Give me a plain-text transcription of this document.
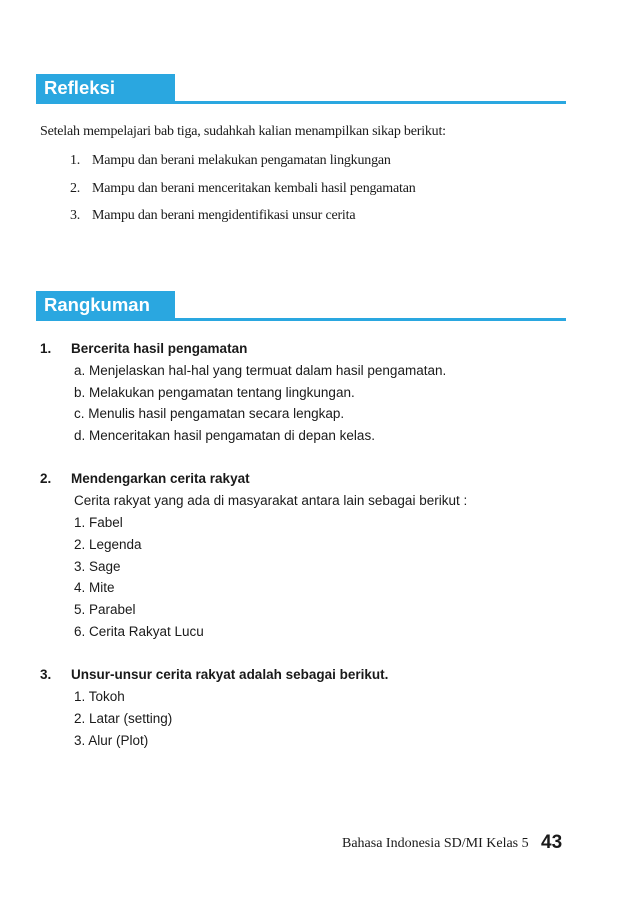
Refleksi
Setelah mempelajari bab tiga, sudahkah kalian menampilkan sikap berikut:
1. Mampu dan berani melakukan pengamatan lingkungan
2. Mampu dan berani menceritakan kembali hasil pengamatan
3. Mampu dan berani mengidentifikasi unsur cerita
Rangkuman
1. Bercerita hasil pengamatan
a. Menjelaskan hal-hal yang termuat dalam hasil pengamatan.
b. Melakukan pengamatan tentang lingkungan.
c. Menulis hasil pengamatan secara lengkap.
d. Menceritakan hasil pengamatan di depan kelas.
2. Mendengarkan cerita rakyat
Cerita rakyat yang ada di masyarakat antara lain sebagai berikut :
1. Fabel
2. Legenda
3. Sage
4. Mite
5. Parabel
6. Cerita Rakyat Lucu
3. Unsur-unsur cerita rakyat adalah sebagai berikut.
1. Tokoh
2. Latar (setting)
3. Alur (Plot)
Bahasa Indonesia SD/MI Kelas 5 43
